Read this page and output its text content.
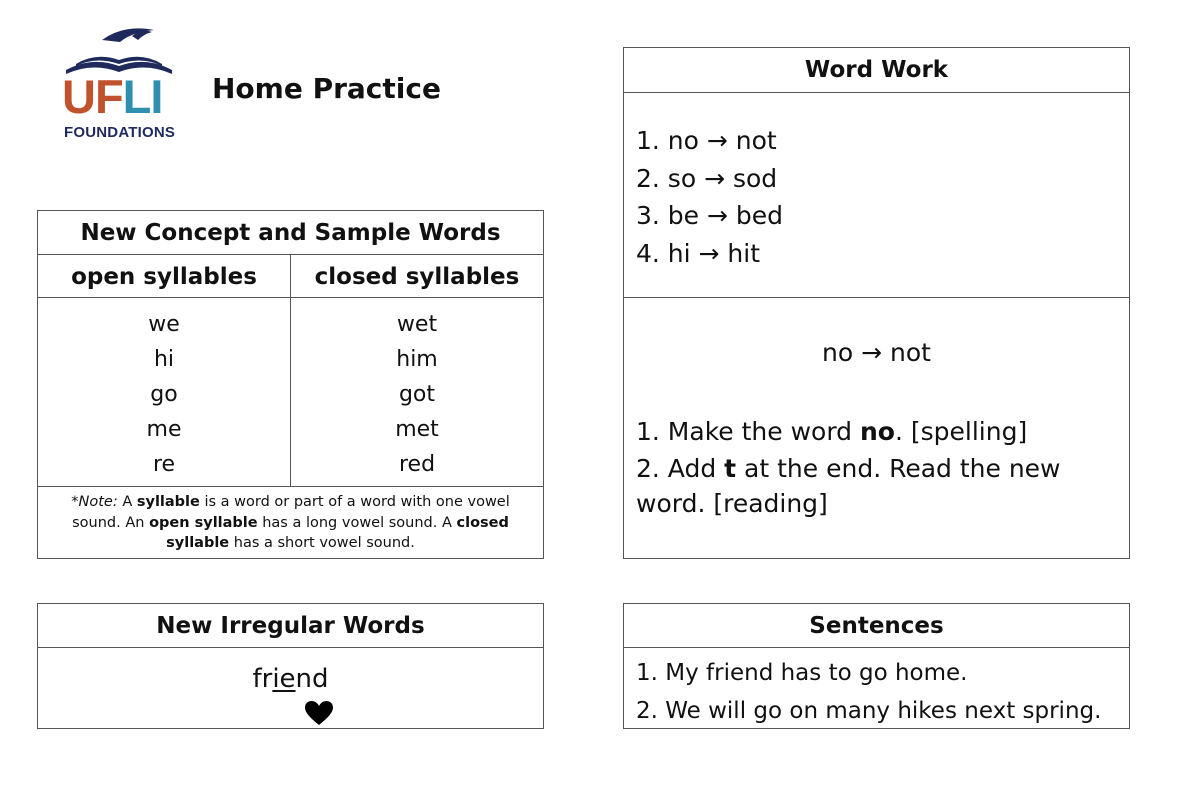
UFLI
FOUNDATIONS
Home Practice
New Concept and Sample Words
open syllables	closed syllables
we
hi
go
me
re
wet
him
got
met
red
*Note: A syllable is a word or part of a word with one vowel sound. An open syllable has a long vowel sound. A closed syllable has a short vowel sound.
New Irregular Words
friend
Word Work
1. no → not
2. so → sod
3. be → bed
4. hi → hit
no → not
1. Make the word no. [spelling]
2. Add t at the end. Read the new word. [reading]
Sentences
1. My friend has to go home.
2. We will go on many hikes next spring.
